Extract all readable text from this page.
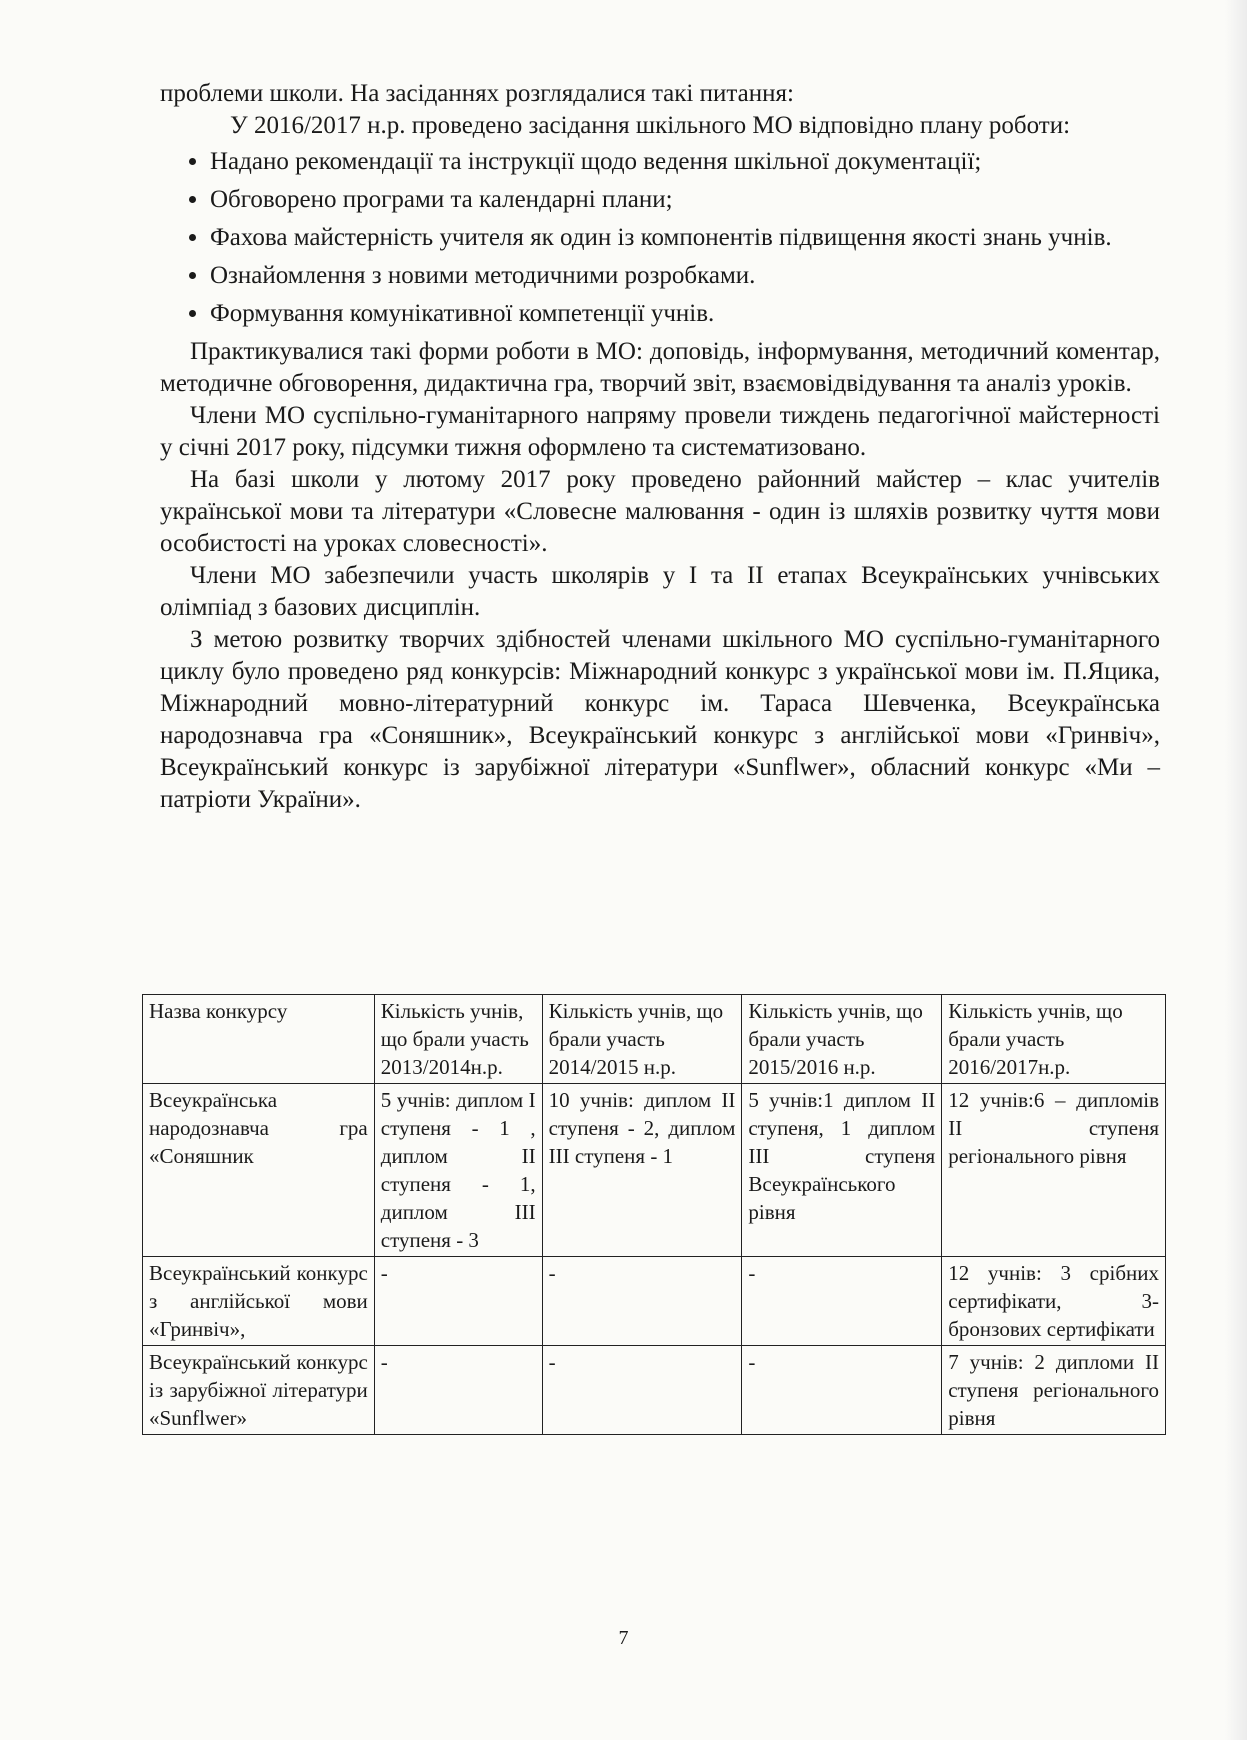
проблеми школи. На засіданнях розглядалися такі питання:

У 2016/2017 н.р. проведено засідання шкільного МО відповідно плану роботи:

• Надано рекомендації та інструкції щодо ведення шкільної документації;
• Обговорено програми та календарні плани;
• Фахова майстерність учителя як один із компонентів підвищення якості знань учнів.
• Ознайомлення з новими методичними розробками.
• Формування комунікативної компетенції учнів.

Практикувалися такі форми роботи в МО: доповідь, інформування, методичний коментар, методичне обговорення, дидактична гра, творчий звіт, взаємовідвідування та аналіз уроків.

Члени МО суспільно-гуманітарного напряму провели тиждень педагогічної майстерності у січні 2017 року, підсумки тижня оформлено та систематизовано.

На базі школи у лютому 2017 року проведено районний майстер – клас учителів української мови та літератури «Словесне малювання - один із шляхів розвитку чуття мови особистості на уроках словесності».

Члени МО забезпечили участь школярів у І та ІІ етапах Всеукраїнських учнівських олімпіад з базових дисциплін.

З метою розвитку творчих здібностей членами шкільного МО суспільно-гуманітарного циклу було проведено ряд конкурсів: Міжнародний конкурс з української мови ім. П.Яцика, Міжнародний мовно-літературний конкурс ім. Тараса Шевченка, Всеукраїнська народознавча гра «Соняшник», Всеукраїнський конкурс з англійської мови «Гринвіч», Всеукраїнський конкурс із зарубіжної літератури «Sunflwer», обласний конкурс «Ми – патріоти України».

Назва конкурсу	Кількість учнів, що брали участь 2013/2014н.р.	Кількість учнів, що брали участь 2014/2015 н.р.	Кількість учнів, що брали участь 2015/2016 н.р.	Кількість учнів, що брали участь 2016/2017н.р.
Всеукраїнська народознавча гра «Соняшник	5 учнів: диплом І ступеня - 1 , диплом ІІ ступеня - 1, диплом ІІІ ступеня - 3	10 учнів: диплом ІІ ступеня - 2, диплом ІІІ ступеня - 1	5 учнів:1 диплом ІІ ступеня, 1 диплом ІІІ ступеня Всеукраїнського рівня	12 учнів:6 – дипломів ІІ ступеня регіонального рівня
Всеукраїнський конкурс з англійської мови «Гринвіч»,	-	-	-	12 учнів: 3 срібних сертифікати, 3- бронзових сертифікати
Всеукраїнський конкурс із зарубіжної літератури «Sunflwer»	-	-	-	7 учнів: 2 дипломи ІІ ступеня регіонального рівня
7
